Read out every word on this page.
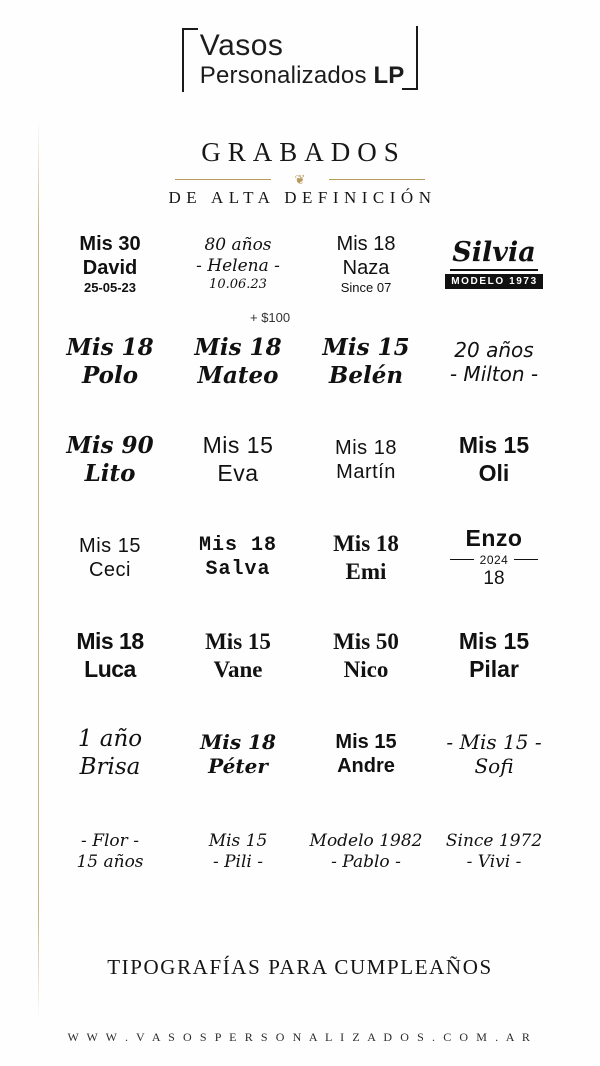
Vasos
Personalizados LP
GRABADOS
❦
DE ALTA DEFINICIÓN
Mis 30
David
25-05-23
80 años
- Helena -
10.06.23
Mis 18
Naza
Since 07
Silvia
MODELO 1973
Mis 18
Polo
Mis 18
Mateo
Mis 15
Belén
20 años
- Milton -
Mis 90
Lito
Mis 15
Eva
Mis 18
Martín
Mis 15
Oli
Mis 15
Ceci
Mis 18
Salva
Mis 18
Emi
Enzo
2024
18
Mis 18
Luca
Mis 15
Vane
Mis 50
Nico
Mis 15
Pilar
1 año
Brisa
Mis 18
Péter
Mis 15
Andre
- Mis 15 -
Sofi
- Flor -
15 años
Mis 15
- Pili -
Modelo 1982
- Pablo -
Since 1972
- Vivi -
+ $100
TIPOGRAFÍAS PARA CUMPLEAÑOS
W W W . V A S O S P E R S O N A L I Z A D O S . C O M . A R
